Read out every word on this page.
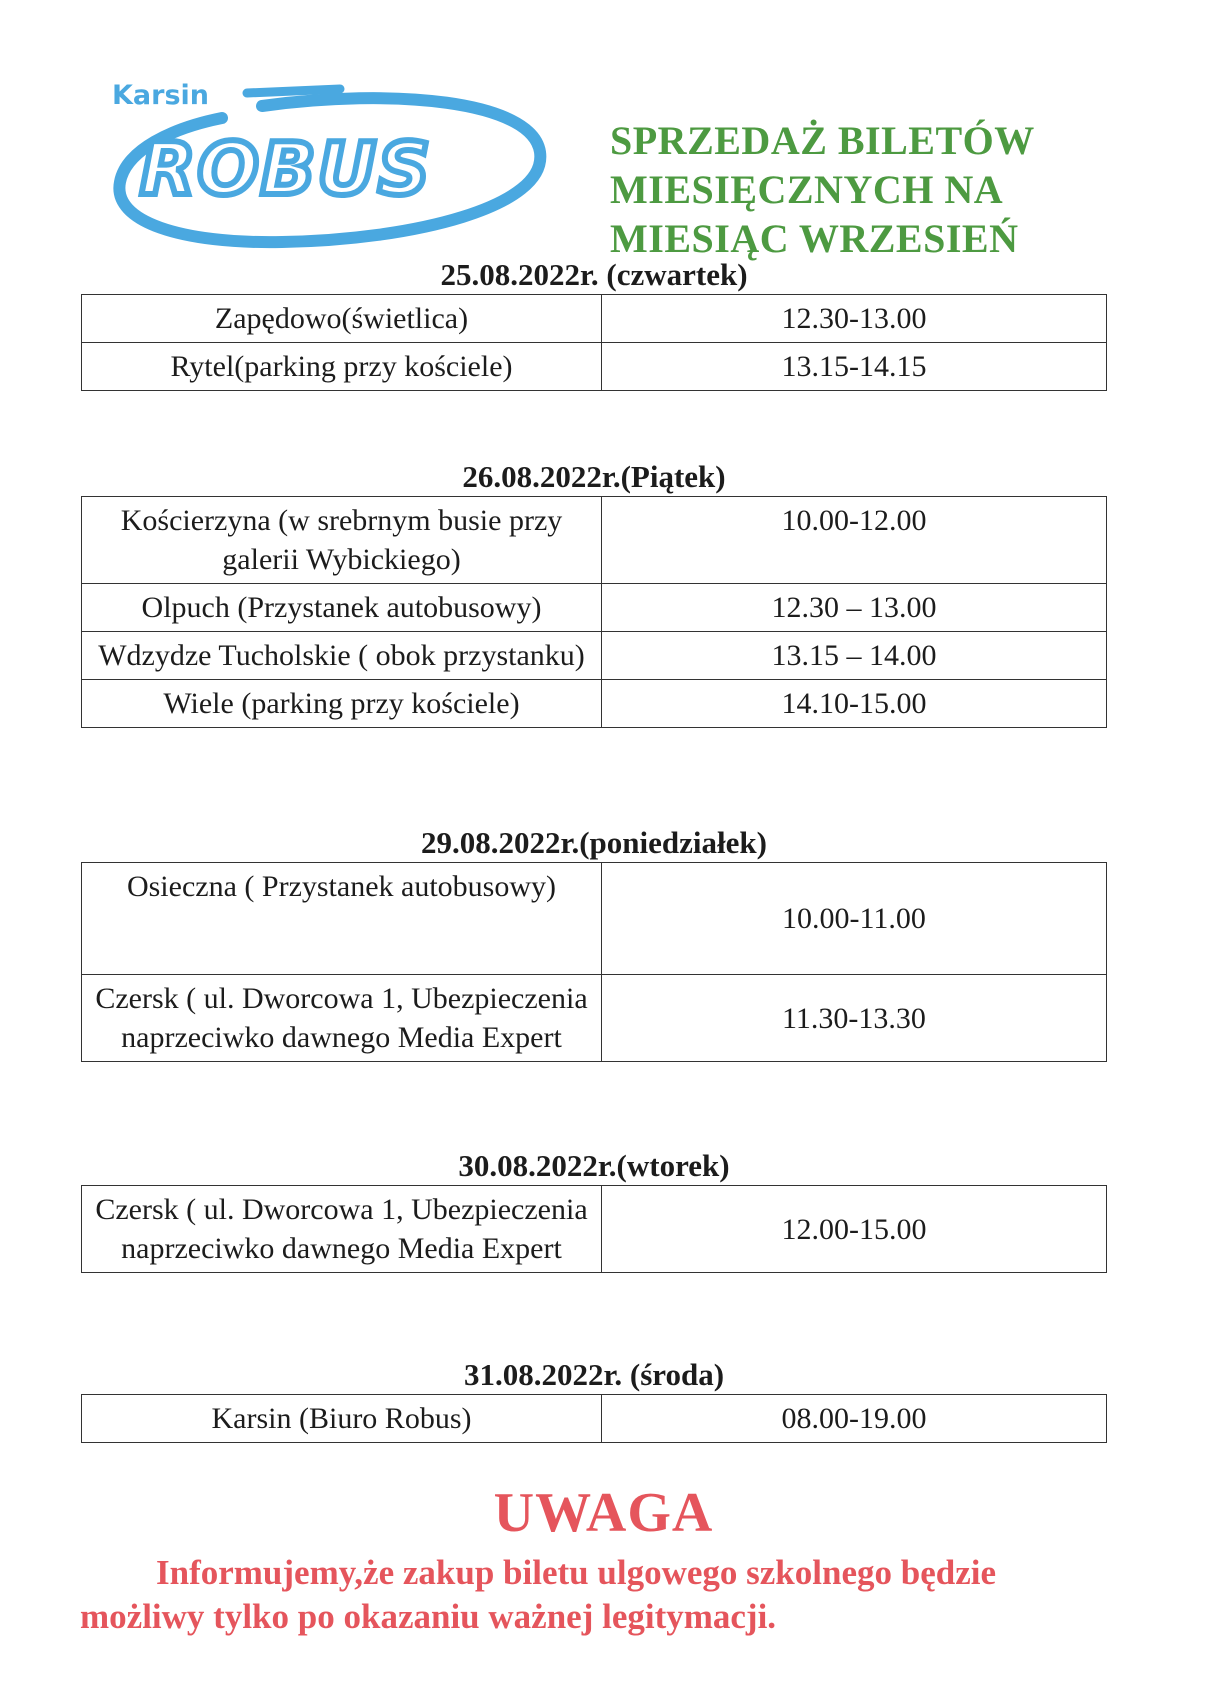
Karsin
ROBUS	SPRZEDAŻ BILETÓW
MIESIĘCZNYCH NA
MIESIĄC WRZESIEŃ
25.08.2022r. (czwartek)
Zapędowo(świetlica)	12.30-13.00
Rytel(parking przy kościele)	13.15-14.15
26.08.2022r.(Piątek)
Kościerzyna (w srebrnym busie przy galerii Wybickiego)	10.00-12.00
Olpuch (Przystanek autobusowy)	12.30 – 13.00
Wdzydze Tucholskie ( obok przystanku)	13.15 – 14.00
Wiele (parking przy kościele)	14.10-15.00
29.08.2022r.(poniedziałek)
Osieczna ( Przystanek autobusowy)	10.00-11.00
Czersk ( ul. Dworcowa 1, Ubezpieczenia naprzeciwko dawnego Media Expert	11.30-13.30
30.08.2022r.(wtorek)
Czersk ( ul. Dworcowa 1, Ubezpieczenia naprzeciwko dawnego Media Expert	12.00-15.00
31.08.2022r. (środa)
Karsin (Biuro Robus)	08.00-19.00
UWAGA
Informujemy,że zakup biletu ulgowego szkolnego będzie
możliwy tylko po okazaniu ważnej legitymacji.
